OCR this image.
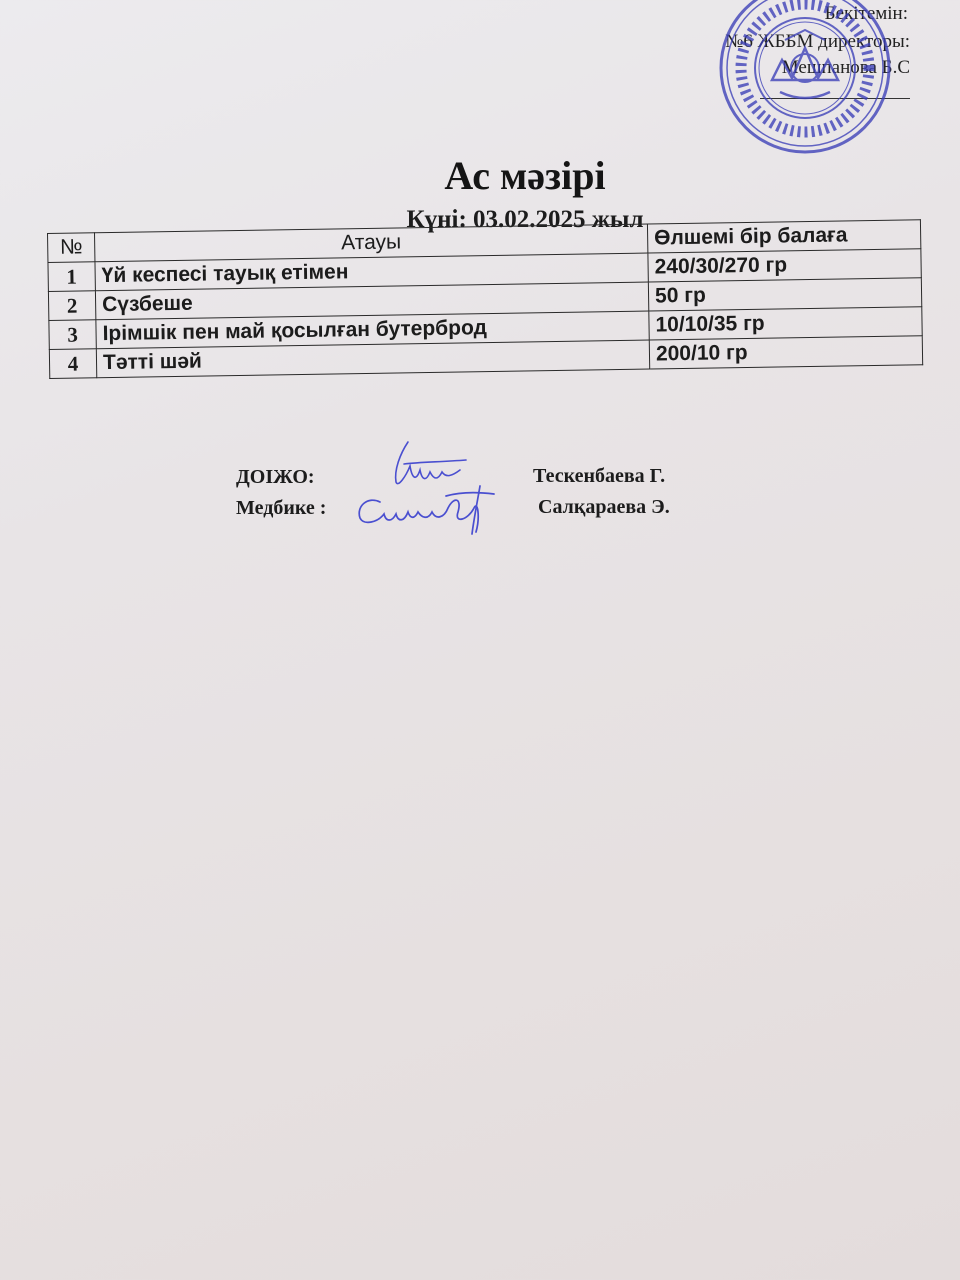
Бекітемін:
№6 ЖББМ директоры:
Мешпанова Б.С
Ас мәзірі
Күні: 03.02.2025 жыл
№	Атауы	Өлшемі бір балаға
1	Үй кеспесі тауық етімен	240/30/270 гр
2	Сүзбеше	50 гр
3	Ірімшік пен май қосылған бутерброд	10/10/35 гр
4	Тәтті шәй	200/10 гр
ДОІЖО:	Тескенбаева Г.
Медбике :	Салқараева Э.
